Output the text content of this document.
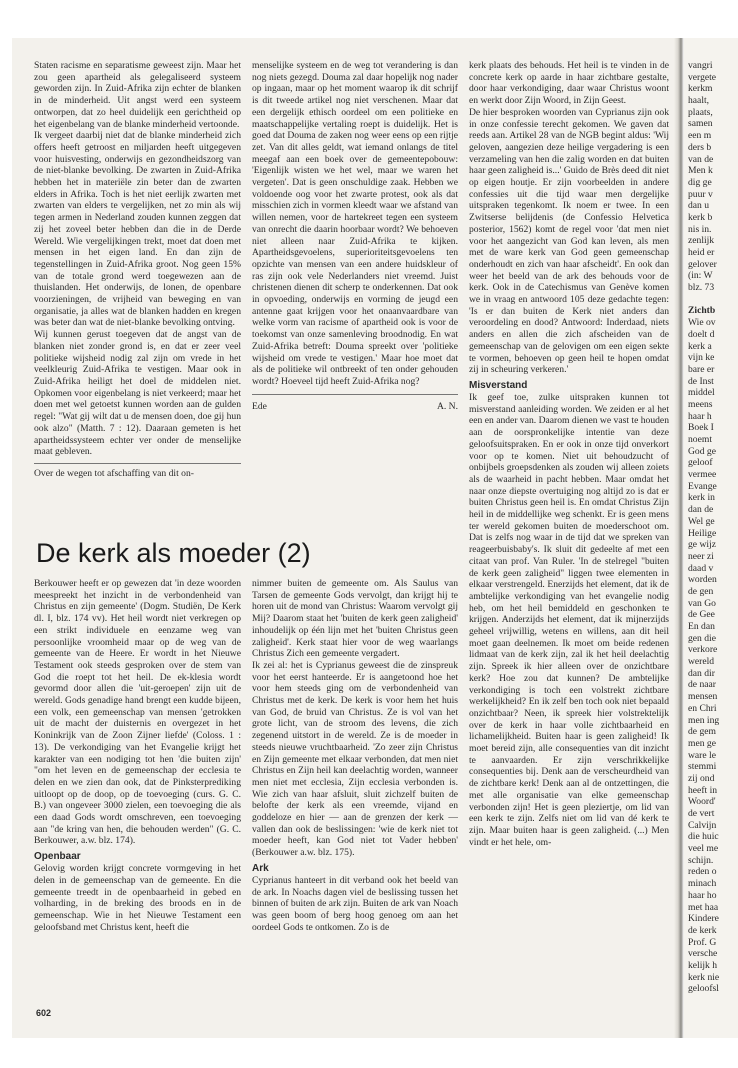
Staten racisme en separatisme geweest zijn. Maar het zou geen apartheid als gelegaliseerd systeem geworden zijn. In Zuid-Afrika zijn echter de blanken in de minderheid. Uit angst werd een systeem ontworpen, dat zo heel duidelijk een gerichtheid op het eigenbelang van de blanke minderheid vertoonde.

Ik vergeet daarbij niet dat de blanke minderheid zich offers heeft getroost en miljarden heeft uitgegeven voor huisvesting, onderwijs en gezondheidszorg van de niet-blanke bevolking. De zwarten in Zuid-Afrika hebben het in materiële zin beter dan de zwarten elders in Afrika. Toch is het niet eerlijk zwarten met zwarten van elders te vergelijken, net zo min als wij tegen armen in Nederland zouden kunnen zeggen dat zij het zoveel beter hebben dan die in de Derde Wereld. Wie vergelijkingen trekt, moet dat doen met mensen in het eigen land. En dan zijn de tegenstellingen in Zuid-Afrika groot. Nog geen 15% van de totale grond werd toegewezen aan de thuislanden. Het onderwijs, de lonen, de openbare voorzieningen, de vrijheid van beweging en van organisatie, ja alles wat de blanken hadden en kregen was beter dan wat de niet-blanke bevolking ontving.

Wij kunnen gerust toegeven dat de angst van de blanken niet zonder grond is, en dat er zeer veel politieke wijsheid nodig zal zijn om vrede in het veelkleurig Zuid-Afrika te vestigen. Maar ook in Zuid-Afrika heiligt het doel de middelen niet. Opkomen voor eigenbelang is niet verkeerd; maar het doen met wel getoetst kunnen worden aan de gulden regel: "Wat gij wilt dat u de mensen doen, doe gij hun ook alzo" (Matth. 7 : 12). Daaraan gemeten is het apartheidssysteem echter ver onder de menselijke maat gebleven.

Over de wegen tot afschaffing van dit on-

menselijke systeem en de weg tot verandering is dan nog niets gezegd. Douma zal daar hopelijk nog nader op ingaan, maar op het moment waarop ik dit schrijf is dit tweede artikel nog niet verschenen. Maar dat een dergelijk ethisch oordeel om een politieke en maatschappelijke vertaling roept is duidelijk. Het is goed dat Douma de zaken nog weer eens op een rijtje zet. Van dit alles geldt, wat iemand onlangs de titel meegaf aan een boek over de gemeentepobouw: 'Eigenlijk wisten we het wel, maar we waren het vergeten'. Dat is geen onschuldige zaak. Hebben we voldoende oog voor het zwarte protest, ook als dat misschien zich in vormen kleedt waar we afstand van willen nemen, voor de hartekreet tegen een systeem van onrecht die daarin hoorbaar wordt? We behoeven niet alleen naar Zuid-Afrika te kijken. Apartheidsgevoelens, superioriteitsgevoelens ten opzichte van mensen van een andere huidskleur of ras zijn ook vele Nederlanders niet vreemd. Juist christenen dienen dit scherp te onderkennen. Dat ook in opvoeding, onderwijs en vorming de jeugd een antenne gaat krijgen voor het onaanvaardbare van welke vorm van racisme of apartheid ook is voor de toekomst van onze samenleving broodnodig. En wat Zuid-Afrika betreft: Douma spreekt over 'politieke wijsheid om vrede te vestigen.' Maar hoe moet dat als de politieke wil ontbreekt of ten onder gehouden wordt? Hoeveel tijd heeft Zuid-Afrika nog?

Ede	A. N.
De kerk als moeder (2)

Berkouwer heeft er op gewezen dat 'in deze woorden meespreekt het inzicht in de verbondenheid van Christus en zijn gemeente' (Dogm. Studiën, De Kerk dl. I, blz. 174 vv). Het heil wordt niet verkregen op een strikt individuele en eenzame weg van persoonlijke vroomheid maar op de weg van de gemeente van de Heere. Er wordt in het Nieuwe Testament ook steeds gesproken over de stem van God die roept tot het heil. De ek-klesia wordt gevormd door allen die 'uit-geroepen' zijn uit de wereld. Gods genadige hand brengt een kudde bijeen, een volk, een gemeenschap van mensen 'getrokken uit de macht der duisternis en overgezet in het Koninkrijk van de Zoon Zijner liefde' (Coloss. 1 : 13). De verkondiging van het Evangelie krijgt het karakter van een nodiging tot hen 'die buiten zijn' "om het leven en de gemeenschap der ecclesia te delen en we zien dan ook, dat de Pinksterprediking uitloopt op de doop, op de toevoeging (curs. G. C. B.) van ongeveer 3000 zielen, een toevoeging die als een daad Gods wordt omschreven, een toevoeging aan "de kring van hen, die behouden werden" (G. C. Berkouwer, a.w. blz. 174).

Openbaar

Gelovig worden krijgt concrete vormgeving in het delen in de gemeenschap van de gemeente. En die gemeente treedt in de openbaarheid in gebed en volharding, in de breking des broods en in de gemeenschap. Wie in het Nieuwe Testament een geloofsband met Christus kent, heeft die

nimmer buiten de gemeente om. Als Saulus van Tarsen de gemeente Gods vervolgt, dan krijgt hij te horen uit de mond van Christus: Waarom vervolgt gij Mij? Daarom staat het 'buiten de kerk geen zaligheid' inhoudelijk op één lijn met het 'buiten Christus geen zaligheid'. Kerk staat hier voor de weg waarlangs Christus Zich een gemeente vergadert.

Ik zei al: het is Cyprianus geweest die de zinspreuk voor het eerst hanteerde. Er is aangetoond hoe het voor hem steeds ging om de verbondenheid van Christus met de kerk. De kerk is voor hem het huis van God, de bruid van Christus. Ze is vol van het grote licht, van de stroom des levens, die zich zegenend uitstort in de wereld. Ze is de moeder in steeds nieuwe vruchtbaarheid. 'Zo zeer zijn Christus en Zijn gemeente met elkaar verbonden, dat men niet Christus en Zijn heil kan deelachtig worden, wanneer men niet met ecclesia, Zijn ecclesia verbonden is. Wie zich van haar afsluit, sluit zichzelf buiten de belofte der kerk als een vreemde, vijand en goddeloze en hier — aan de grenzen der kerk — vallen dan ook de beslissingen: 'wie de kerk niet tot moeder heeft, kan God niet tot Vader hebben' (Berkouwer a.w. blz. 175).

Ark

Cyprianus hanteert in dit verband ook het beeld van de ark. In Noachs dagen viel de beslissing tussen het binnen of buiten de ark zijn. Buiten de ark van Noach was geen boom of berg hoog genoeg om aan het oordeel Gods te ontkomen. Zo is de

kerk plaats des behouds. Het heil is te vinden in de concrete kerk op aarde in haar zichtbare gestalte, door haar verkondiging, daar waar Christus woont en werkt door Zijn Woord, in Zijn Geest.

De hier besproken woorden van Cyprianus zijn ook in onze confessie terecht gekomen. We gaven dat reeds aan. Artikel 28 van de NGB begint aldus: 'Wij geloven, aangezien deze heilige vergadering is een verzameling van hen die zalig worden en dat buiten haar geen zaligheid is...' Guido de Brès deed dit niet op eigen houtje. Er zijn voorbeelden in andere confessies uit die tijd waar men dergelijke uitspraken tegenkomt. Ik noem er twee. In een Zwitserse belijdenis (de Confessio Helvetica posterior, 1562) komt de regel voor 'dat men niet voor het aangezicht van God kan leven, als men met de ware kerk van God geen gemeenschap onderhoudt en zich van haar afscheidt'. En ook dan weer het beeld van de ark des behouds voor de kerk. Ook in de Catechismus van Genève komen we in vraag en antwoord 105 deze gedachte tegen: 'Is er dan buiten de Kerk niet anders dan veroordeling en dood? Antwoord: Inderdaad, niets anders en allen die zich afscheiden van de gemeenschap van de gelovigen om een eigen sekte te vormen, behoeven op geen heil te hopen omdat zij in scheuring verkeren.'

Misverstand

Ik geef toe, zulke uitspraken kunnen tot misverstand aanleiding worden. We zeiden er al het een en ander van. Daarom dienen we vast te houden aan de oorspronkelijke intentie van deze geloofsuitspraken. En er ook in onze tijd onverkort voor op te komen. Niet uit behoudzucht of onbijbels groepsdenken als zouden wij alleen zoiets als de waarheid in pacht hebben. Maar omdat het naar onze diepste overtuiging nog altijd zo is dat er buiten Christus geen heil is. En omdat Christus Zijn heil in de middellijke weg schenkt. Er is geen mens ter wereld gekomen buiten de moederschoot om. Dat is zelfs nog waar in de tijd dat we spreken van reageerbuisbaby's. Ik sluit dit gedeelte af met een citaat van prof. Van Ruler. 'In de stelregel "buiten de kerk geen zaligheid" liggen twee elementen in elkaar verstrengeld. Enerzijds het element, dat ik de ambtelijke verkondiging van het evangelie nodig heb, om het heil bemiddeld en geschonken te krijgen. Anderzijds het element, dat ik mijnerzijds geheel vrijwillig, wetens en willens, aan dit heil moet gaan deelnemen. Ik moet om beide redenen lidmaat van de kerk zijn, zal ik het heil deelachtig zijn. Spreek ik hier alleen over de onzichtbare kerk? Hoe zou dat kunnen? De ambtelijke verkondiging is toch een volstrekt zichtbare werkelijkheid? En ik zelf ben toch ook niet bepaald onzichtbaar? Neen, ik spreek hier volstrektelijk over de kerk in haar volle zichtbaarheid en lichamelijkheid. Buiten haar is geen zaligheid! Ik moet bereid zijn, alle consequenties van dit inzicht te aanvaarden. Er zijn verschrikkelijke consequenties bij. Denk aan de verscheurdheid van de zichtbare kerk! Denk aan al de ontzettingen, die met alle organisatie van elke gemeenschap verbonden zijn! Het is geen pleziertje, om lid van een kerk te zijn. Zelfs niet om lid van dé kerk te zijn. Maar buiten haar is geen zaligheid. (...) Men vindt er het hele, om-

602
vangri
vergete
kerkm
haalt,
plaats,
samen
een m
ders b
van de
Men k
dig ge
puur v
dan u
kerk b
nis in.
zenlijk
heid er
gelover
(in: W
blz. 73
Zichtb
Wie ov
doelt d
kerk a
vijn ke
bare er
de Inst
middel
meens
haar h
Boek I
noemt
God ge
geloof
vermee
Evange
kerk in
dan de
Wel ge
Heilige
ge wijz
neer zi
daad v
worden
de gen
van Go
de Gee
En dan
gen die
verkore
wereld
dan dir
de naar
mensen
en Chri
men ing
de gem
men ge
ware le
stemmi
zij ond
heeft in
Woord'
de vert
Calvijn
die huic
veel me
schijn.
reden o
minach
haar ho
met haa
Kindere
de kerk
Prof. G
versche
kelijk h
kerk nie
geloofsl
